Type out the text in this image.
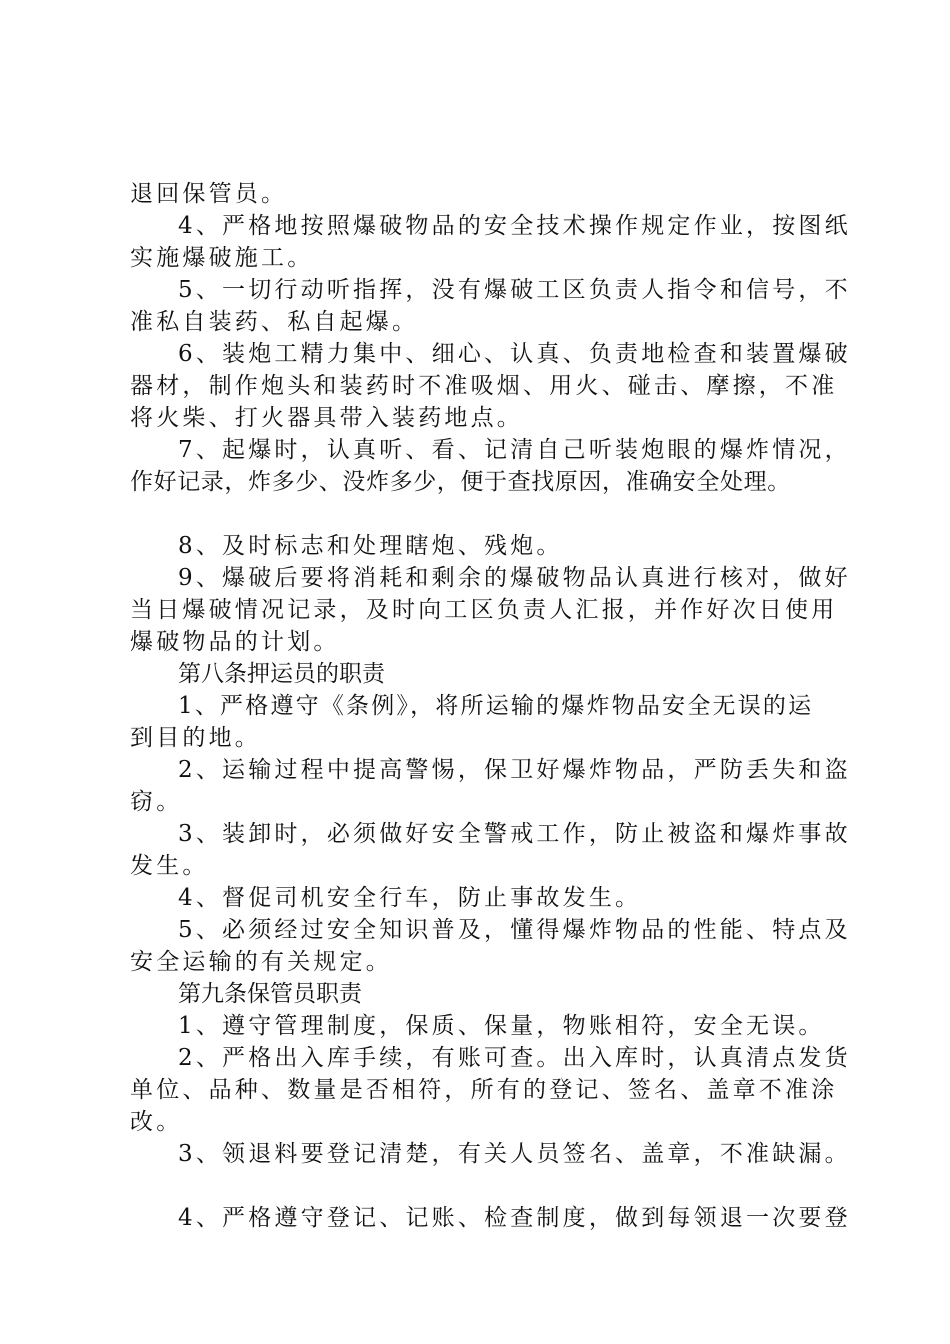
退回保管员。
4、严格地按照爆破物品的安全技术操作规定作业，按图纸
实施爆破施工。
5、一切行动听指挥，没有爆破工区负责人指令和信号，不
准私自装药、私自起爆。
6、装炮工精力集中、细心、认真、负责地检查和装置爆破
器材，制作炮头和装药时不准吸烟、用火、碰击、摩擦，不准
将火柴、打火器具带入装药地点。
7、起爆时，认真听、看、记清自己听装炮眼的爆炸情况，
作好记录，炸多少、没炸多少，便于查找原因，准确安全处理。
8、及时标志和处理瞎炮、残炮。
9、爆破后要将消耗和剩余的爆破物品认真进行核对，做好
当日爆破情况记录，及时向工区负责人汇报，并作好次日使用
爆破物品的计划。
第八条押运员的职责
1、严格遵守《条例》，将所运输的爆炸物品安全无误的运
到目的地。
2、运输过程中提高警惕，保卫好爆炸物品，严防丢失和盗
窃。
3、装卸时，必须做好安全警戒工作，防止被盗和爆炸事故
发生。
4、督促司机安全行车，防止事故发生。
5、必须经过安全知识普及，懂得爆炸物品的性能、特点及
安全运输的有关规定。
第九条保管员职责
1、遵守管理制度，保质、保量，物账相符，安全无误。
2、严格出入库手续，有账可查。出入库时，认真清点发货
单位、品种、数量是否相符，所有的登记、签名、盖章不准涂
改。
3、领退料要登记清楚，有关人员签名、盖章，不准缺漏。
4、严格遵守登记、记账、检查制度，做到每领退一次要登
